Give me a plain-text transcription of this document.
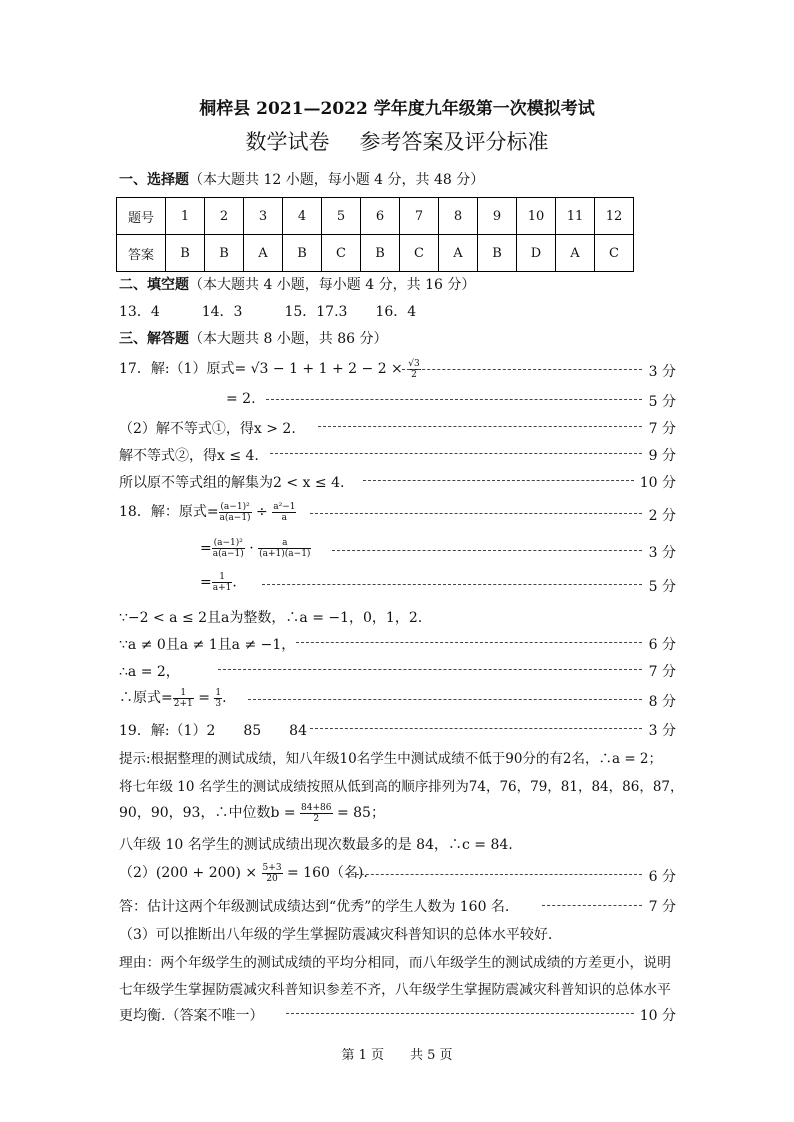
桐梓县 2021—2022 学年度九年级第一次模拟考试
数学试卷 参考答案及评分标准
一、选择题（本大题共 12 小题，每小题 4 分，共 48 分）
题号	1	2	3	4	5	6	7	8	9	10	11	12
答案	B	B	A	B	C	B	C	A	B	D	A	C
二、填空题（本大题共 4 小题，每小题 4 分，共 16 分）
13．4　　　14．3　　　15．17.3　　16．4
三、解答题（本大题共 8 小题，共 86 分）
17．解:（1）原式= $√3 - 1 + 1 + 2 - 2 \times \frac{√3}{2}$	3 分
= 2.	5 分
（2）解不等式①，得x > 2.	7 分
解不等式②，得x ≤ 4.	9 分
所以原不等式组的解集为2 < x ≤ 4.	10 分
18．解：原式= $\frac{\text{(a−1)²}}{a(a-1)} \div \frac{\text{a²−1}}{a}$	2 分
= $\frac{\text{(a−1)²}}{a(a-1)} \cdot \frac{a}{(a+1)(a-1)}$	3 分
= $\frac{1}{a+1}$ .	5 分
∵−2 < a ≤ 2且a为整数，∴a = −1，0，1，2.
∵a ≠ 0且a ≠ 1且a ≠ −1，	6 分
∴a = 2，	7 分
∴原式= $\frac{1}{2+1} = \frac{1}{3}$ .	8 分
19．解:（1）2　　85　　84	3 分
提示:根据整理的测试成绩，知八年级10名学生中测试成绩不低于90分的有2名，∴a = 2；
将七年级 10 名学生的测试成绩按照从低到高的顺序排列为74，76，79，81，84，86，87，
90，90，93，∴中位数$b = \frac{84+86}{2} = 85$；
八年级 10 名学生的测试成绩出现次数最多的是 84，∴c = 84.
$(2)(200 + 200) \times \frac{5+3}{20} = 160$（名).	6 分
答：估计这两个年级测试成绩达到“优秀”的学生人数为 160 名.	7 分
（3）可以推断出八年级的学生掌握防震减灾科普知识的总体水平较好.
理由：两个年级学生的测试成绩的平均分相同，而八年级学生的测试成绩的方差更小，说明
七年级学生掌握防震减灾科普知识参差不齐，八年级学生掌握防震减灾科普知识的总体水平
更均衡.（答案不唯一）	10 分
第 1 页　　共 5 页
